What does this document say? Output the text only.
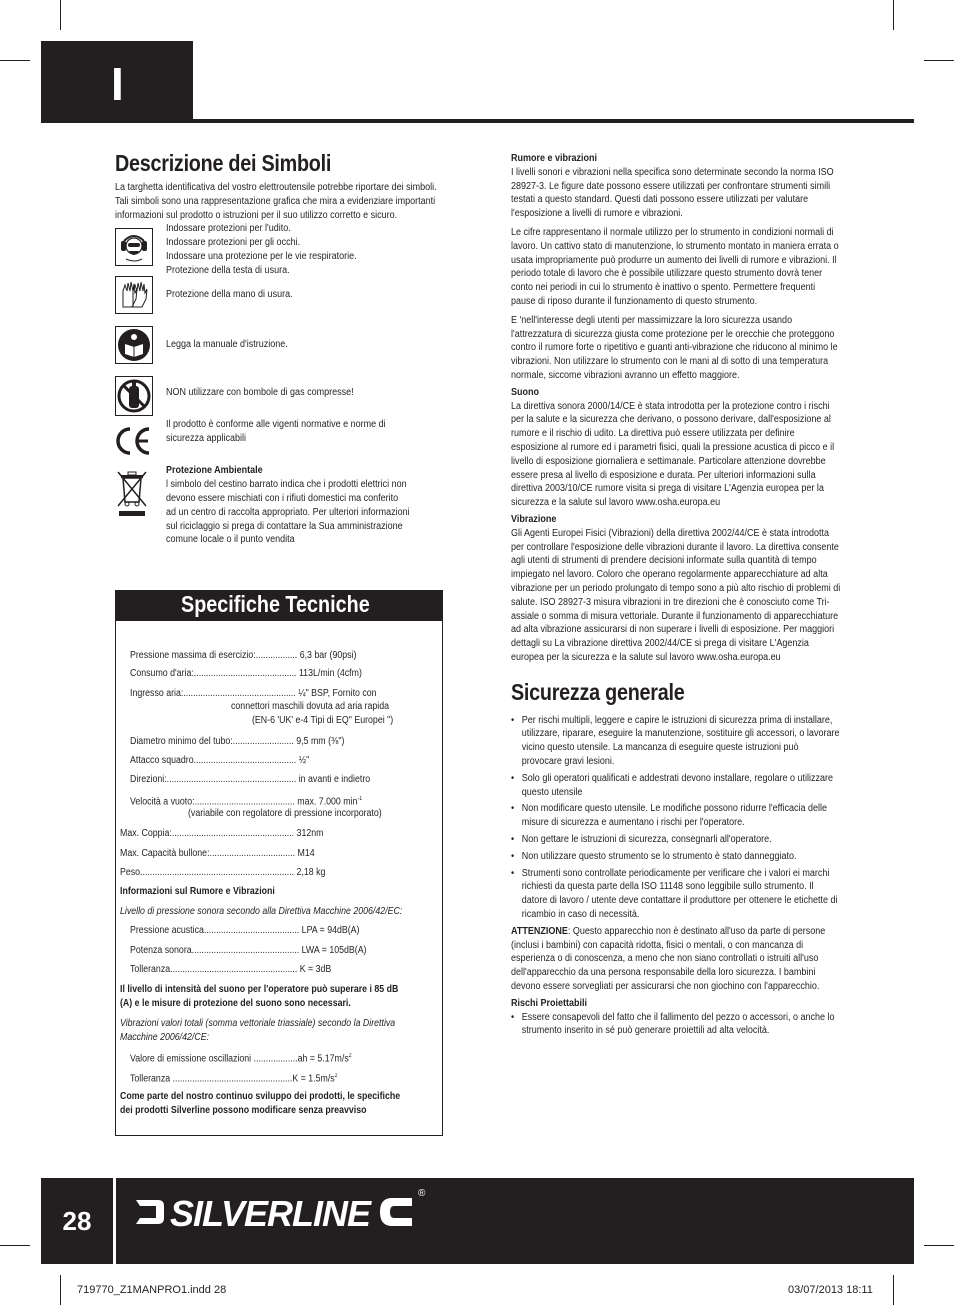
I
Descrizione dei Simboli
La targhetta identificativa del vostro elettroutensile potrebbe riportare dei simboli. Tali simboli sono una rappresentazione grafica che mira a evidenziare importanti informazioni sul prodotto o istruzioni per il suo utilizzo corretto e sicuro.
Indossare protezioni per l'udito.
Indossare protezioni per gli occhi.
Indossare una protezione per le vie respiratorie.
Protezione della testa di usura.
Protezione della mano di usura.
Legga la manuale d'istruzione.
NON utilizzare con bombole di gas compresse!
Il prodotto è conforme alle vigenti normative e norme di
sicurezza applicabili
Protezione Ambientale
l simbolo del cestino barrato indica che i prodotti elettrici non
devono essere mischiati con i rifiuti domestici ma conferito
ad un centro di raccolta appropriato. Per ulteriori informazioni
sul riciclaggio si prega di contattare la Sua amministrazione
comune locale o il punto vendita
Specifiche Tecniche
Pressione massima di esercizio:................. 6,3 bar (90psi)
Consumo d'aria:.......................................... 113L/min (4cfm)
Ingresso aria:.............................................. ¼" BSP, Fornito con
connettori maschili dovuta ad aria rapida
(EN-6 'UK' e-4 Tipi di EQ" Europei ")
Diametro minimo del tubo:......................... 9,5 mm (⅜")
Attacco squadro.......................................... ½"
Direzioni:..................................................... in avanti e indietro
Velocità a vuoto:......................................... max. 7.000 $\min^{-1}$
(variabile con regolatore di pressione incorporato)
Max. Coppia:.................................................. 312nm
Max. Capacità bullone:................................... M14
Peso............................................................... 2,18 kg
Informazioni sul Rumore e Vibrazioni
Livello di pressione sonora secondo alla Direttiva Macchine 2006/42/EC:
Pressione acustica....................................... LPA = 94dB(A)
Potenza sonora............................................ LWA = 105dB(A)
Tolleranza.................................................... K = 3dB
Il livello di intensità del suono per l'operatore può superare i 85 dB
(A) e le misure di protezione del suono sono necessari.
Vibrazioni valori totali (somma vettoriale triassiale) secondo la Direttiva
Macchine 2006/42/CE:
Valore di emissione oscillazioni $..................ah = 5.17m/s^2$
Tolleranza $.................................................K = 1.5m/s^2$
Come parte del nostro continuo sviluppo dei prodotti, le specifiche
dei prodotti Silverline possono modificare senza preavviso
Rumore e vibrazioni
I livelli sonori e vibrazioni nella specifica sono determinate secondo la norma ISO 28927-3. Le figure date possono essere utilizzati per confrontare strumenti simili testati a questo standard. Questi dati possono essere utilizzati per valutare l'esposizione a livelli di rumore e vibrazioni.
Le cifre rappresentano il normale utilizzo per lo strumento in condizioni normali di lavoro. Un cattivo stato di manutenzione, lo strumento montato in maniera errata o usata impropriamente può produrre un aumento dei livelli di rumore e vibrazioni. Il periodo totale di lavoro che è possibile utilizzare questo strumento dovrà tener conto nei periodi in cui lo strumento è inattivo o spento. Permettere frequenti pause di riposo durante il funzionamento di questo strumento.
E 'nell'interesse degli utenti per massimizzare la loro sicurezza usando l'attrezzatura di sicurezza giusta come protezione per le orecchie che proteggono contro il rumore forte o ripetitivo e guanti anti-vibrazione che riducono al minimo le vibrazioni. Non utilizzare lo strumento con le mani al di sotto di una temperatura normale, siccome vibrazioni avranno un effetto maggiore.
Suono
La direttiva sonora 2000/14/CE è stata introdotta per la protezione contro i rischi per la salute e la sicurezza che derivano, o possono derivare, dall'esposizione al rumore e il rischio di udito. La direttiva può essere utilizzata per definire esposizione al rumore ed i parametri fisici, quali la pressione acustica di picco e il livello di esposizione giornaliera e settimanale. Particolare attenzione dovrebbe essere presa al livello di esposizione e durata. Per ulteriori informazioni sulla direttiva 2003/10/CE rumore visita si prega di visitare L'Agenzia europea per la sicurezza e la salute sul lavoro www.osha.europa.eu
Vibrazione
Gli Agenti Europei Fisici (Vibrazioni) della direttiva 2002/44/CE è stata introdotta per controllare l'esposizione delle vibrazioni durante il lavoro. La direttiva consente agli utenti di strumenti di prendere decisioni informate sulla quantità di tempo impiegato nel lavoro. Coloro che operano regolarmente apparecchiature ad alta vibrazione per un periodo prolungato di tempo sono a più alto rischio di problemi di salute. ISO 28927-3 misura vibrazioni in tre direzioni che è conosciuto come Tri-assiale o somma di misura vettoriale. Durante il funzionamento di apparecchiature ad alta vibrazione assicurarsi di non superare i livelli di esposizione. Per maggiori dettagli su La vibrazione direttiva 2002/44/CE si prega di visitare L'Agenzia europea per la sicurezza e la salute sul lavoro www.osha.europa.eu
Sicurezza generale
• Per rischi multipli, leggere e capire le istruzioni di sicurezza prima di installare, utilizzare, riparare, eseguire la manutenzione, sostituire gli accessori, o lavorare vicino questo utensile. La mancanza di eseguire queste istruzioni può provocare gravi lesioni.
• Solo gli operatori qualificati e addestrati devono installare, regolare o utilizzare questo utensile
• Non modificare questo utensile. Le modifiche possono ridurre l'efficacia delle misure di sicurezza e aumentano i rischi per l'operatore.
• Non gettare le istruzioni di sicurezza, consegnarli all'operatore.
• Non utilizzare questo strumento se lo strumento è stato danneggiato.
• Strumenti sono controllate periodicamente per verificare che i valori ei marchi richiesti da questa parte della ISO 11148 sono leggibile sullo strumento. Il datore di lavoro / utente deve contattare il produttore per ottenere le etichette di ricambio in caso di necessità.
ATTENZIONE: Questo apparecchio non è destinato all'uso da parte di persone (inclusi i bambini) con capacità ridotta, fisici o mentali, o con mancanza di esperienza o di conoscenza, a meno che non siano controllati o istruiti all'uso dell'apparecchio da una persona responsabile della loro sicurezza. I bambini devono essere sorvegliati per assicurarsi che non giochino con l'apparecchio.
Rischi Proiettabili
• Essere consapevoli del fatto che il fallimento del pezzo o accessori, o anche lo strumento inserito in sé può generare proiettili ad alta velocità.
28	SILVERLINE	®
719770_Z1MANPRO1.indd 28	03/07/2013 18:11
